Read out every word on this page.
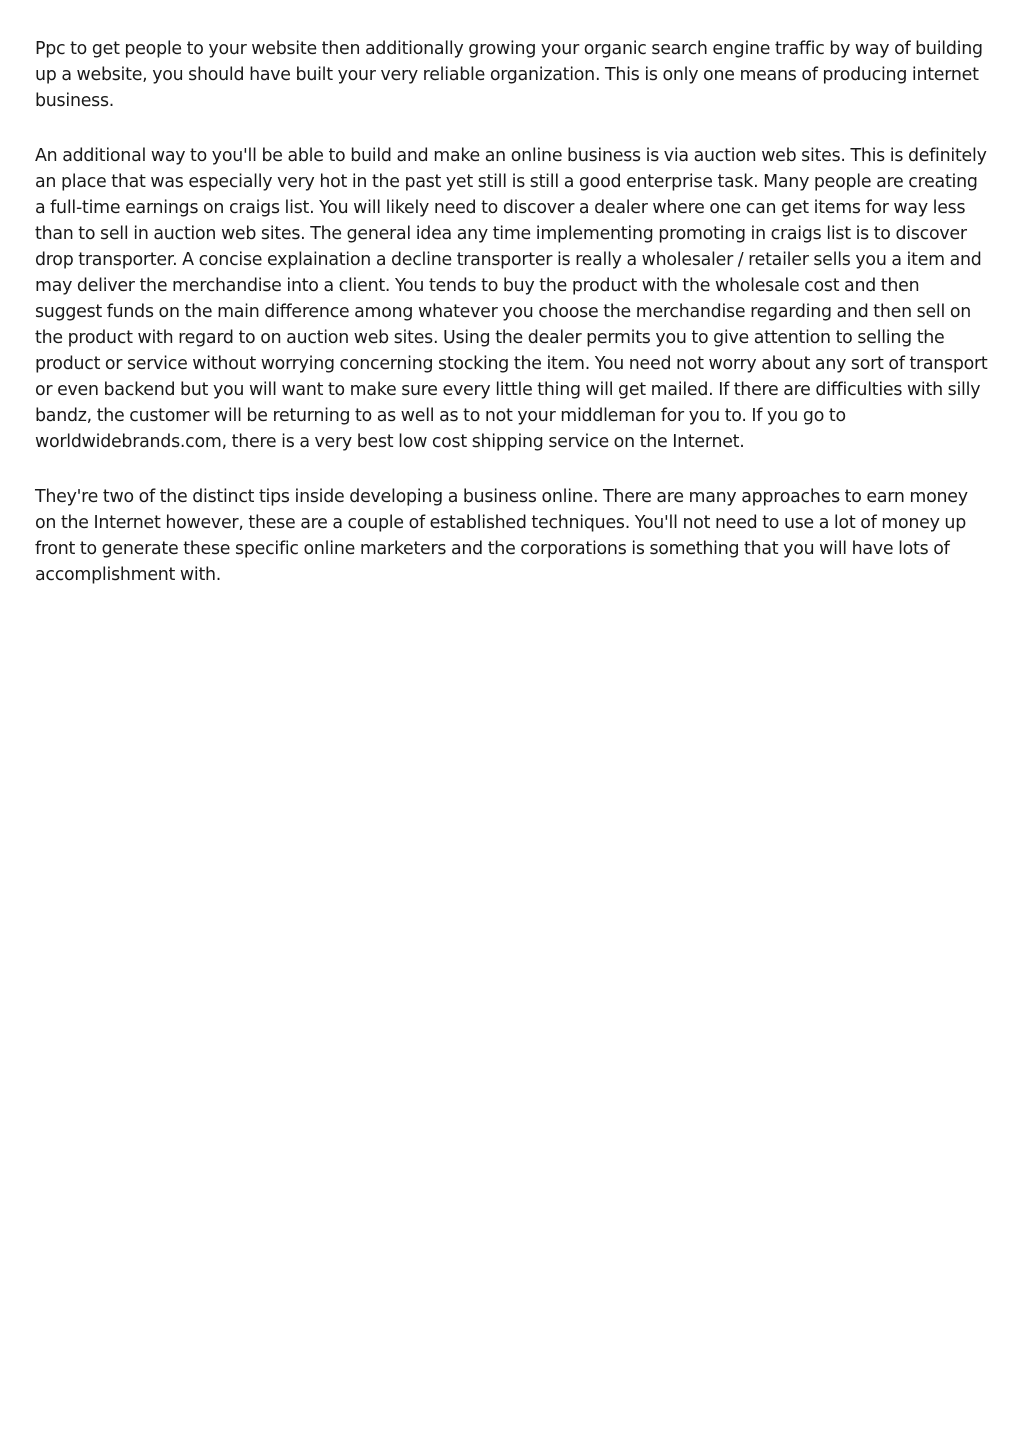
Ppc to get people to your website then additionally growing your organic search engine traffic by way of building up a website, you should have built your very reliable organization. This is only one means of producing internet business.

An additional way to you'll be able to build and make an online business is via auction web sites. This is definitely an place that was especially very hot in the past yet still is still a good enterprise task. Many people are creating a full-time earnings on craigs list. You will likely need to discover a dealer where one can get items for way less than to sell in auction web sites. The general idea any time implementing promoting in craigs list is to discover drop transporter. A concise explaination a decline transporter is really a wholesaler / retailer sells you a item and may deliver the merchandise into a client. You tends to buy the product with the wholesale cost and then suggest funds on the main difference among whatever you choose the merchandise regarding and then sell on the product with regard to on auction web sites. Using the dealer permits you to give attention to selling the product or service without worrying concerning stocking the item. You need not worry about any sort of transport or even backend but you will want to make sure every little thing will get mailed. If there are difficulties with silly bandz, the customer will be returning to as well as to not your middleman for you to. If you go to worldwidebrands.com, there is a very best low cost shipping service on the Internet.

They're two of the distinct tips inside developing a business online. There are many approaches to earn money on the Internet however, these are a couple of established techniques. You'll not need to use a lot of money up front to generate these specific online marketers and the corporations is something that you will have lots of accomplishment with.
